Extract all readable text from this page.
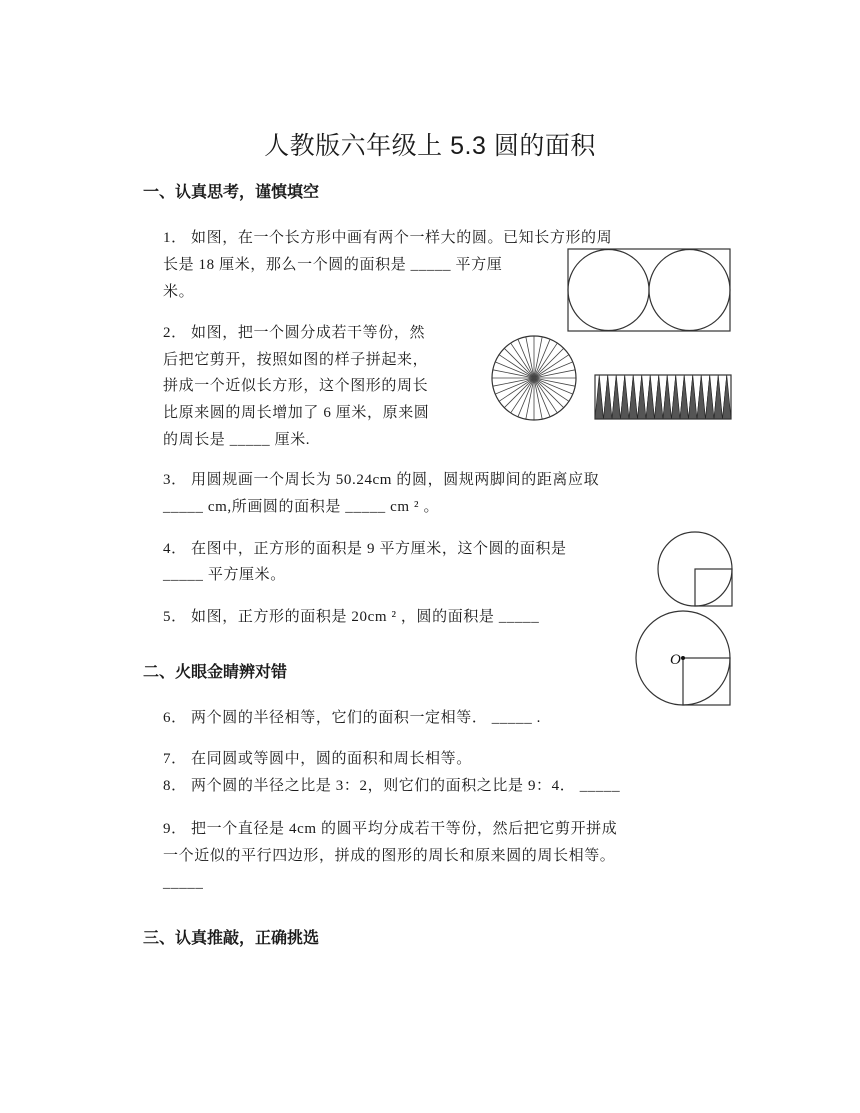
人教版六年级上 5.3 圆的面积
一、认真思考，谨慎填空
1． 如图，在一个长方形中画有两个一样大的圆。已知长方形的周
长是 18 厘米，那么一个圆的面积是 _____ 平方厘
米。
2． 如图，把一个圆分成若干等份，然
后把它剪开，按照如图的样子拼起来，
拼成一个近似长方形，这个图形的周长
比原来圆的周长增加了 6 厘米，原来圆
的周长是 _____ 厘米.
3． 用圆规画一个周长为 50.24cm 的圆，圆规两脚间的距离应取
_____ cm,所画圆的面积是 _____ cm ² 。
4． 在图中，正方形的面积是 9 平方厘米，这个圆的面积是
_____ 平方厘米。
5． 如图，正方形的面积是 20cm ² ，圆的面积是 _____
O
二、火眼金睛辨对错
6． 两个圆的半径相等，它们的面积一定相等． _____ .
7． 在同圆或等圆中，圆的面积和周长相等。
8． 两个圆的半径之比是 3：2，则它们的面积之比是 9：4． _____
9． 把一个直径是 4cm 的圆平均分成若干等份，然后把它剪开拼成
一个近似的平行四边形，拼成的图形的周长和原来圆的周长相等。
_____
三、认真推敲，正确挑选
